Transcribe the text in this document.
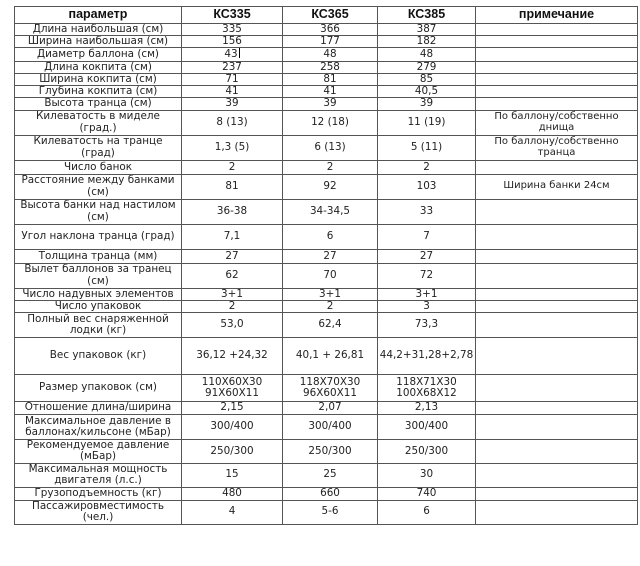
параметр	КС335	КС365	КС385	примечание
Длина наибольшая (см)	335	366	387	
Ширина наибольшая (см)	156	177	182	
Диаметр баллона (см)	43	48	48	
Длина кокпита (см)	237	258	279	
Ширина кокпита (см)	71	81	85	
Глубина кокпита (см)	41	41	40,5	
Высота транца (см)	39	39	39	
Килеватость в миделе (град.)	8 (13)	12 (18)	11 (19)	По баллону/собственно днища
Килеватость на транце (град)	1,3 (5)	6 (13)	5 (11)	По баллону/собственно транца
Число банок	2	2	2	
Расстояние между банками (см)	81	92	103	Ширина банки 24см
Высота банки над настилом (см)	36-38	34-34,5	33	
Угол наклона транца (град)	7,1	6	7	
Толщина транца (мм)	27	27	27	
Вылет баллонов за транец (см)	62	70	72	
Число надувных элементов	3+1	3+1	3+1	
Число упаковок	2	2	3	
Полный вес снаряженной лодки (кг)	53,0	62,4	73,3	
Вес упаковок (кг)	36,12 +24,32	40,1 + 26,81	44,2+31,28+2,78	
Размер упаковок (см)	110X60X30 91X60X11	118X70X30 96X60X11	118X71X30 100X68X12	
Отношение длина/ширина	2,15	2,07	2,13	
Максимальное давление в баллонах/кильсоне (мБар)	300/400	300/400	300/400	
Рекомендуемое давление (мБар)	250/300	250/300	250/300	
Максимальная мощность двигателя (л.с.)	15	25	30	
Грузоподъемность (кг)	480	660	740	
Пассажировместимость (чел.)	4	5-6	6	
